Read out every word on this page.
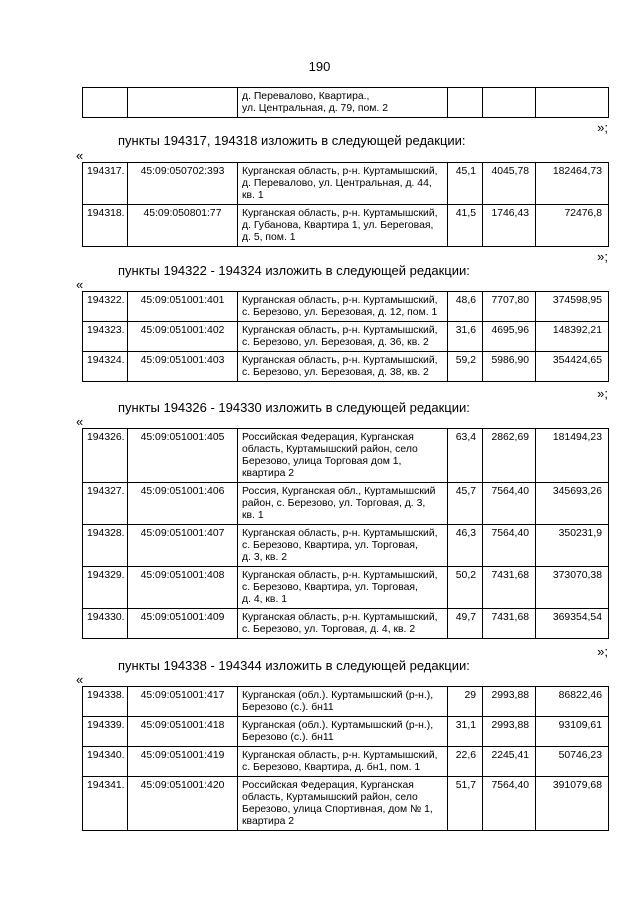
190
		д. Перевалово, Квартира.,
ул. Центральная, д. 79, пом. 2			
»;
пункты 194317, 194318 изложить в следующей редакции:
«
194317.	45:09:050702:393	Курганская область, р-н. Куртамышский,
д. Перевалово, ул. Центральная, д. 44,
кв. 1	45,1	4045,78	182464,73
194318.	45:09:050801:77	Курганская область, р-н. Куртамышский,
д. Губанова, Квартира 1, ул. Береговая,
д. 5, пом. 1	41,5	1746,43	72476,8
»;
пункты 194322 - 194324 изложить в следующей редакции:
«
194322.	45:09:051001:401	Курганская область, р-н. Куртамышский,
с. Березово, ул. Березовая, д. 12, пом. 1	48,6	7707,80	374598,95
194323.	45:09:051001:402	Курганская область, р-н. Куртамышский,
с. Березово, ул. Березовая, д. 36, кв. 2	31,6	4695,96	148392,21
194324.	45:09:051001:403	Курганская область, р-н. Куртамышский,
с. Березово, ул. Березовая, д. 38, кв. 2	59,2	5986,90	354424,65
»;
пункты 194326 - 194330 изложить в следующей редакции:
«
194326.	45:09:051001:405	Российская Федерация, Курганская
область, Куртамышский район, село
Березово, улица Торговая дом 1,
квартира 2	63,4	2862,69	181494,23
194327.	45:09:051001:406	Россия, Курганская обл., Куртамышский
район, с. Березово, ул. Торговая, д. 3,
кв. 1	45,7	7564,40	345693,26
194328.	45:09:051001:407	Курганская область, р-н. Куртамышский,
с. Березово, Квартира, ул. Торговая,
д. 3, кв. 2	46,3	7564,40	350231,9
194329.	45:09:051001:408	Курганская область, р-н. Куртамышский,
с. Березово, Квартира, ул. Торговая,
д. 4, кв. 1	50,2	7431,68	373070,38
194330.	45:09:051001:409	Курганская область, р-н. Куртамышский,
с. Березово, ул. Торговая, д. 4, кв. 2	49,7	7431,68	369354,54
»;
пункты 194338 - 194344 изложить в следующей редакции:
«
194338.	45:09:051001:417	Курганская (обл.). Куртамышский (р-н.),
Березово (с.). бн11	29	2993,88	86822,46
194339.	45:09:051001:418	Курганская (обл.). Куртамышский (р-н.),
Березово (с.). бн11	31,1	2993,88	93109,61
194340.	45:09:051001:419	Курганская область, р-н. Куртамышский,
с. Березово, Квартира, д. бн1, пом. 1	22,6	2245,41	50746,23
194341.	45:09:051001:420	Российская Федерация, Курганская
область, Куртамышский район, село
Березово, улица Спортивная, дом № 1,
квартира 2	51,7	7564,40	391079,68
